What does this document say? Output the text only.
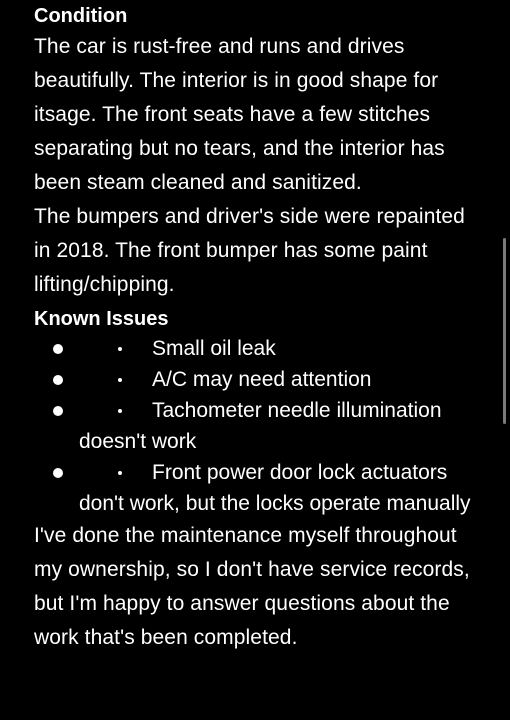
Condition

The car is rust-free and runs and drives beautifully. The interior is in good shape for itsage. The front seats have a few stitches separating but no tears, and the interior has been steam cleaned and sanitized.

The bumpers and driver's side were repainted in 2018. The front bumper has some paint lifting/chipping.

Known Issues
Small oil leak
A/C may need attention
Tachometer needle illumination doesn't work
Front power door lock actuators don't work, but the locks operate manually

I've done the maintenance myself throughout my ownership, so I don't have service records, but I'm happy to answer questions about the work that's been completed.
